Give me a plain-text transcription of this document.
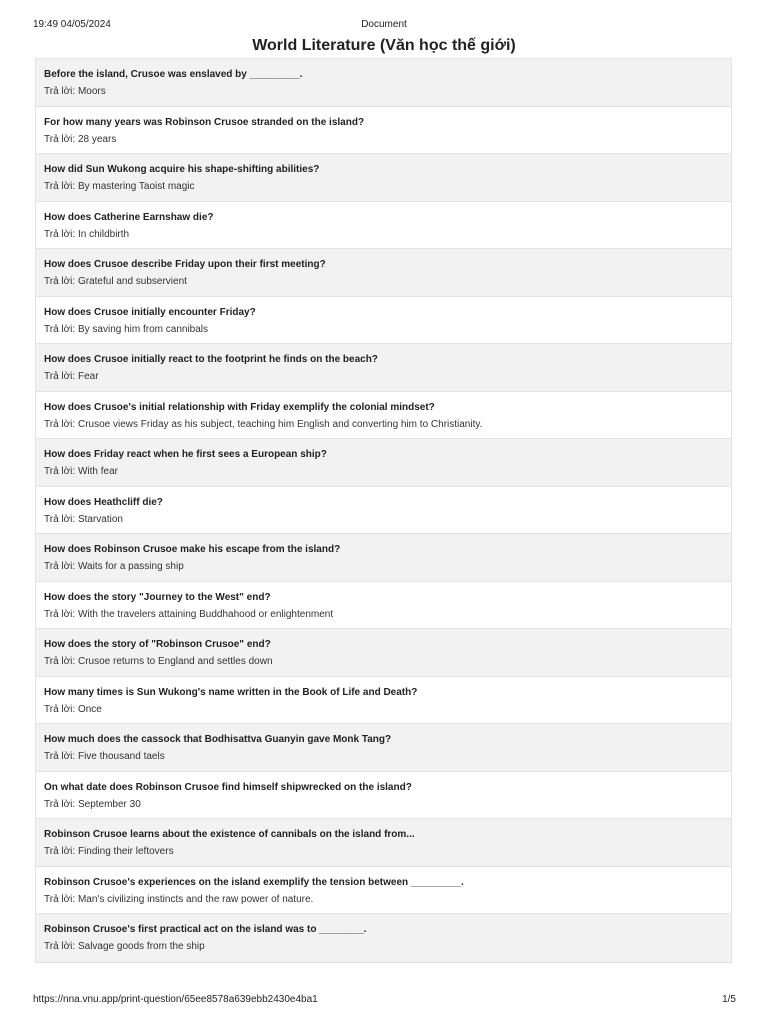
19:49 04/05/2024	Document
World Literature (Văn học thế giới)
Before the island, Crusoe was enslaved by _________.
Trả lời: Moors
For how many years was Robinson Crusoe stranded on the island?
Trả lời: 28 years
How did Sun Wukong acquire his shape-shifting abilities?
Trả lời: By mastering Taoist magic
How does Catherine Earnshaw die?
Trả lời: In childbirth
How does Crusoe describe Friday upon their first meeting?
Trả lời: Grateful and subservient
How does Crusoe initially encounter Friday?
Trả lời: By saving him from cannibals
How does Crusoe initially react to the footprint he finds on the beach?
Trả lời: Fear
How does Crusoe's initial relationship with Friday exemplify the colonial mindset?
Trả lời: Crusoe views Friday as his subject, teaching him English and converting him to Christianity.
How does Friday react when he first sees a European ship?
Trả lời: With fear
How does Heathcliff die?
Trả lời: Starvation
How does Robinson Crusoe make his escape from the island?
Trả lời: Waits for a passing ship
How does the story "Journey to the West" end?
Trả lời: With the travelers attaining Buddhahood or enlightenment
How does the story of "Robinson Crusoe" end?
Trả lời: Crusoe returns to England and settles down
How many times is Sun Wukong's name written in the Book of Life and Death?
Trả lời: Once
How much does the cassock that Bodhisattva Guanyin gave Monk Tang?
Trả lời: Five thousand taels
On what date does Robinson Crusoe find himself shipwrecked on the island?
Trả lời: September 30
Robinson Crusoe learns about the existence of cannibals on the island from...
Trả lời: Finding their leftovers
Robinson Crusoe's experiences on the island exemplify the tension between _________.
Trả lời: Man's civilizing instincts and the raw power of nature.
Robinson Crusoe's first practical act on the island was to ________.
Trả lời: Salvage goods from the ship
https://nna.vnu.app/print-question/65ee8578a639ebb2430e4ba1	1/5
